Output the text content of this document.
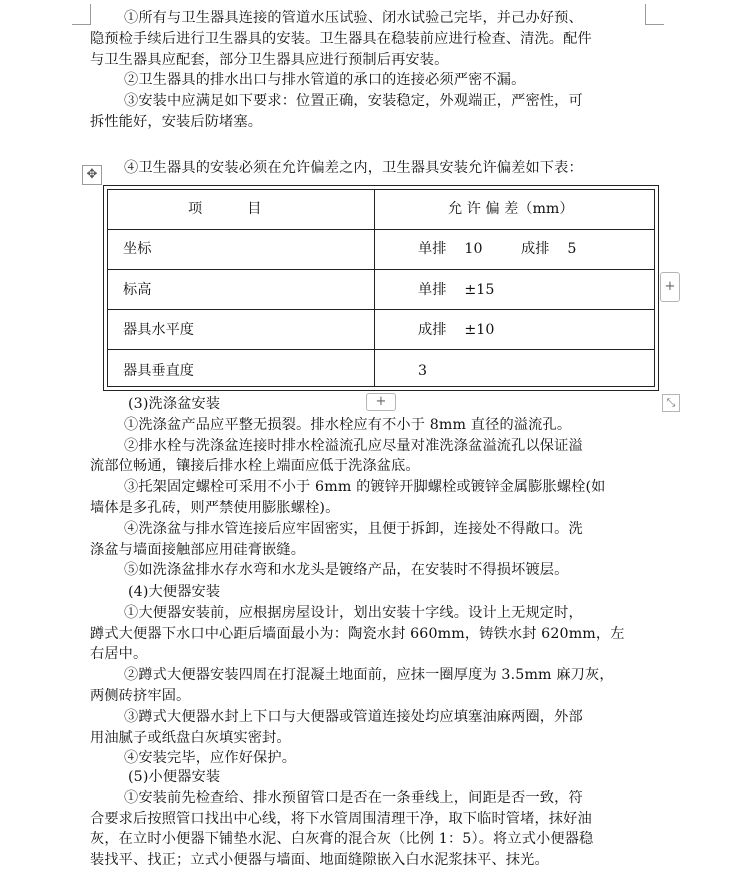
①所有与卫生器具连接的管道水压试验、闭水试验己完毕，并己办好预、
隐预检手续后进行卫生器具的安装。卫生器具在稳装前应进行检查、清洗。配件
与卫生器具应配套，部分卫生器具应进行预制后再安装。
②卫生器具的排水出口与排水管道的承口的连接必须严密不漏。
③安装中应满足如下要求：位置正确，安装稳定，外观端正，严密性，可
拆性能好，安装后防堵塞。
④卫生器具的安装必须在允许偏差之内，卫生器具安装允许偏差如下表：
✥
项          目	允 许 偏 差（mm）
坐标	单排    10	成排    5
标高	单排    ±15
器具水平度	成排    ±10
器具垂直度	3
+
+	⤡
(3)洗涤盆安装
①洗涤盆产品应平整无损裂。排水栓应有不小于 8mm 直径的溢流孔。
②排水栓与洗涤盆连接时排水栓溢流孔应尽量对准洗涤盆溢流孔以保证溢
流部位畅通，镶接后排水栓上端面应低于洗涤盆底。
③托架固定螺栓可采用不小于 6mm 的镀锌开脚螺栓或镀锌金属膨胀螺栓(如
墙体是多孔砖，则严禁使用膨胀螺栓)。
④洗涤盆与排水管连接后应牢固密实，且便于拆卸，连接处不得敞口。洗
涤盆与墙面接触部应用硅膏嵌缝。
⑤如洗涤盆排水存水弯和水龙头是镀络产品，在安装时不得损坏镀层。
(4)大便器安装
①大便器安装前，应根据房屋设计，划出安装十字线。设计上无规定时，
蹲式大便器下水口中心距后墙面最小为：陶瓷水封 660mm，铸铁水封 620mm，左
右居中。
②蹲式大便器安装四周在打混凝土地面前，应抹一圈厚度为 3.5mm 麻刀灰，
两侧砖挤牢固。
③蹲式大便器水封上下口与大便器或管道连接处均应填塞油麻两圈，外部
用油腻子或纸盘白灰填实密封。
④安装完毕，应作好保护。
(5)小便器安装
①安装前先检查给、排水预留管口是否在一条垂线上，间距是否一致，符
合要求后按照管口找出中心线，将下水管周围清理干净，取下临时管堵，抹好油
灰，在立时小便器下铺垫水泥、白灰膏的混合灰（比例 1：5）。将立式小便器稳
装找平、找正；立式小便器与墙面、地面缝隙嵌入白水泥浆抹平、抹光。
